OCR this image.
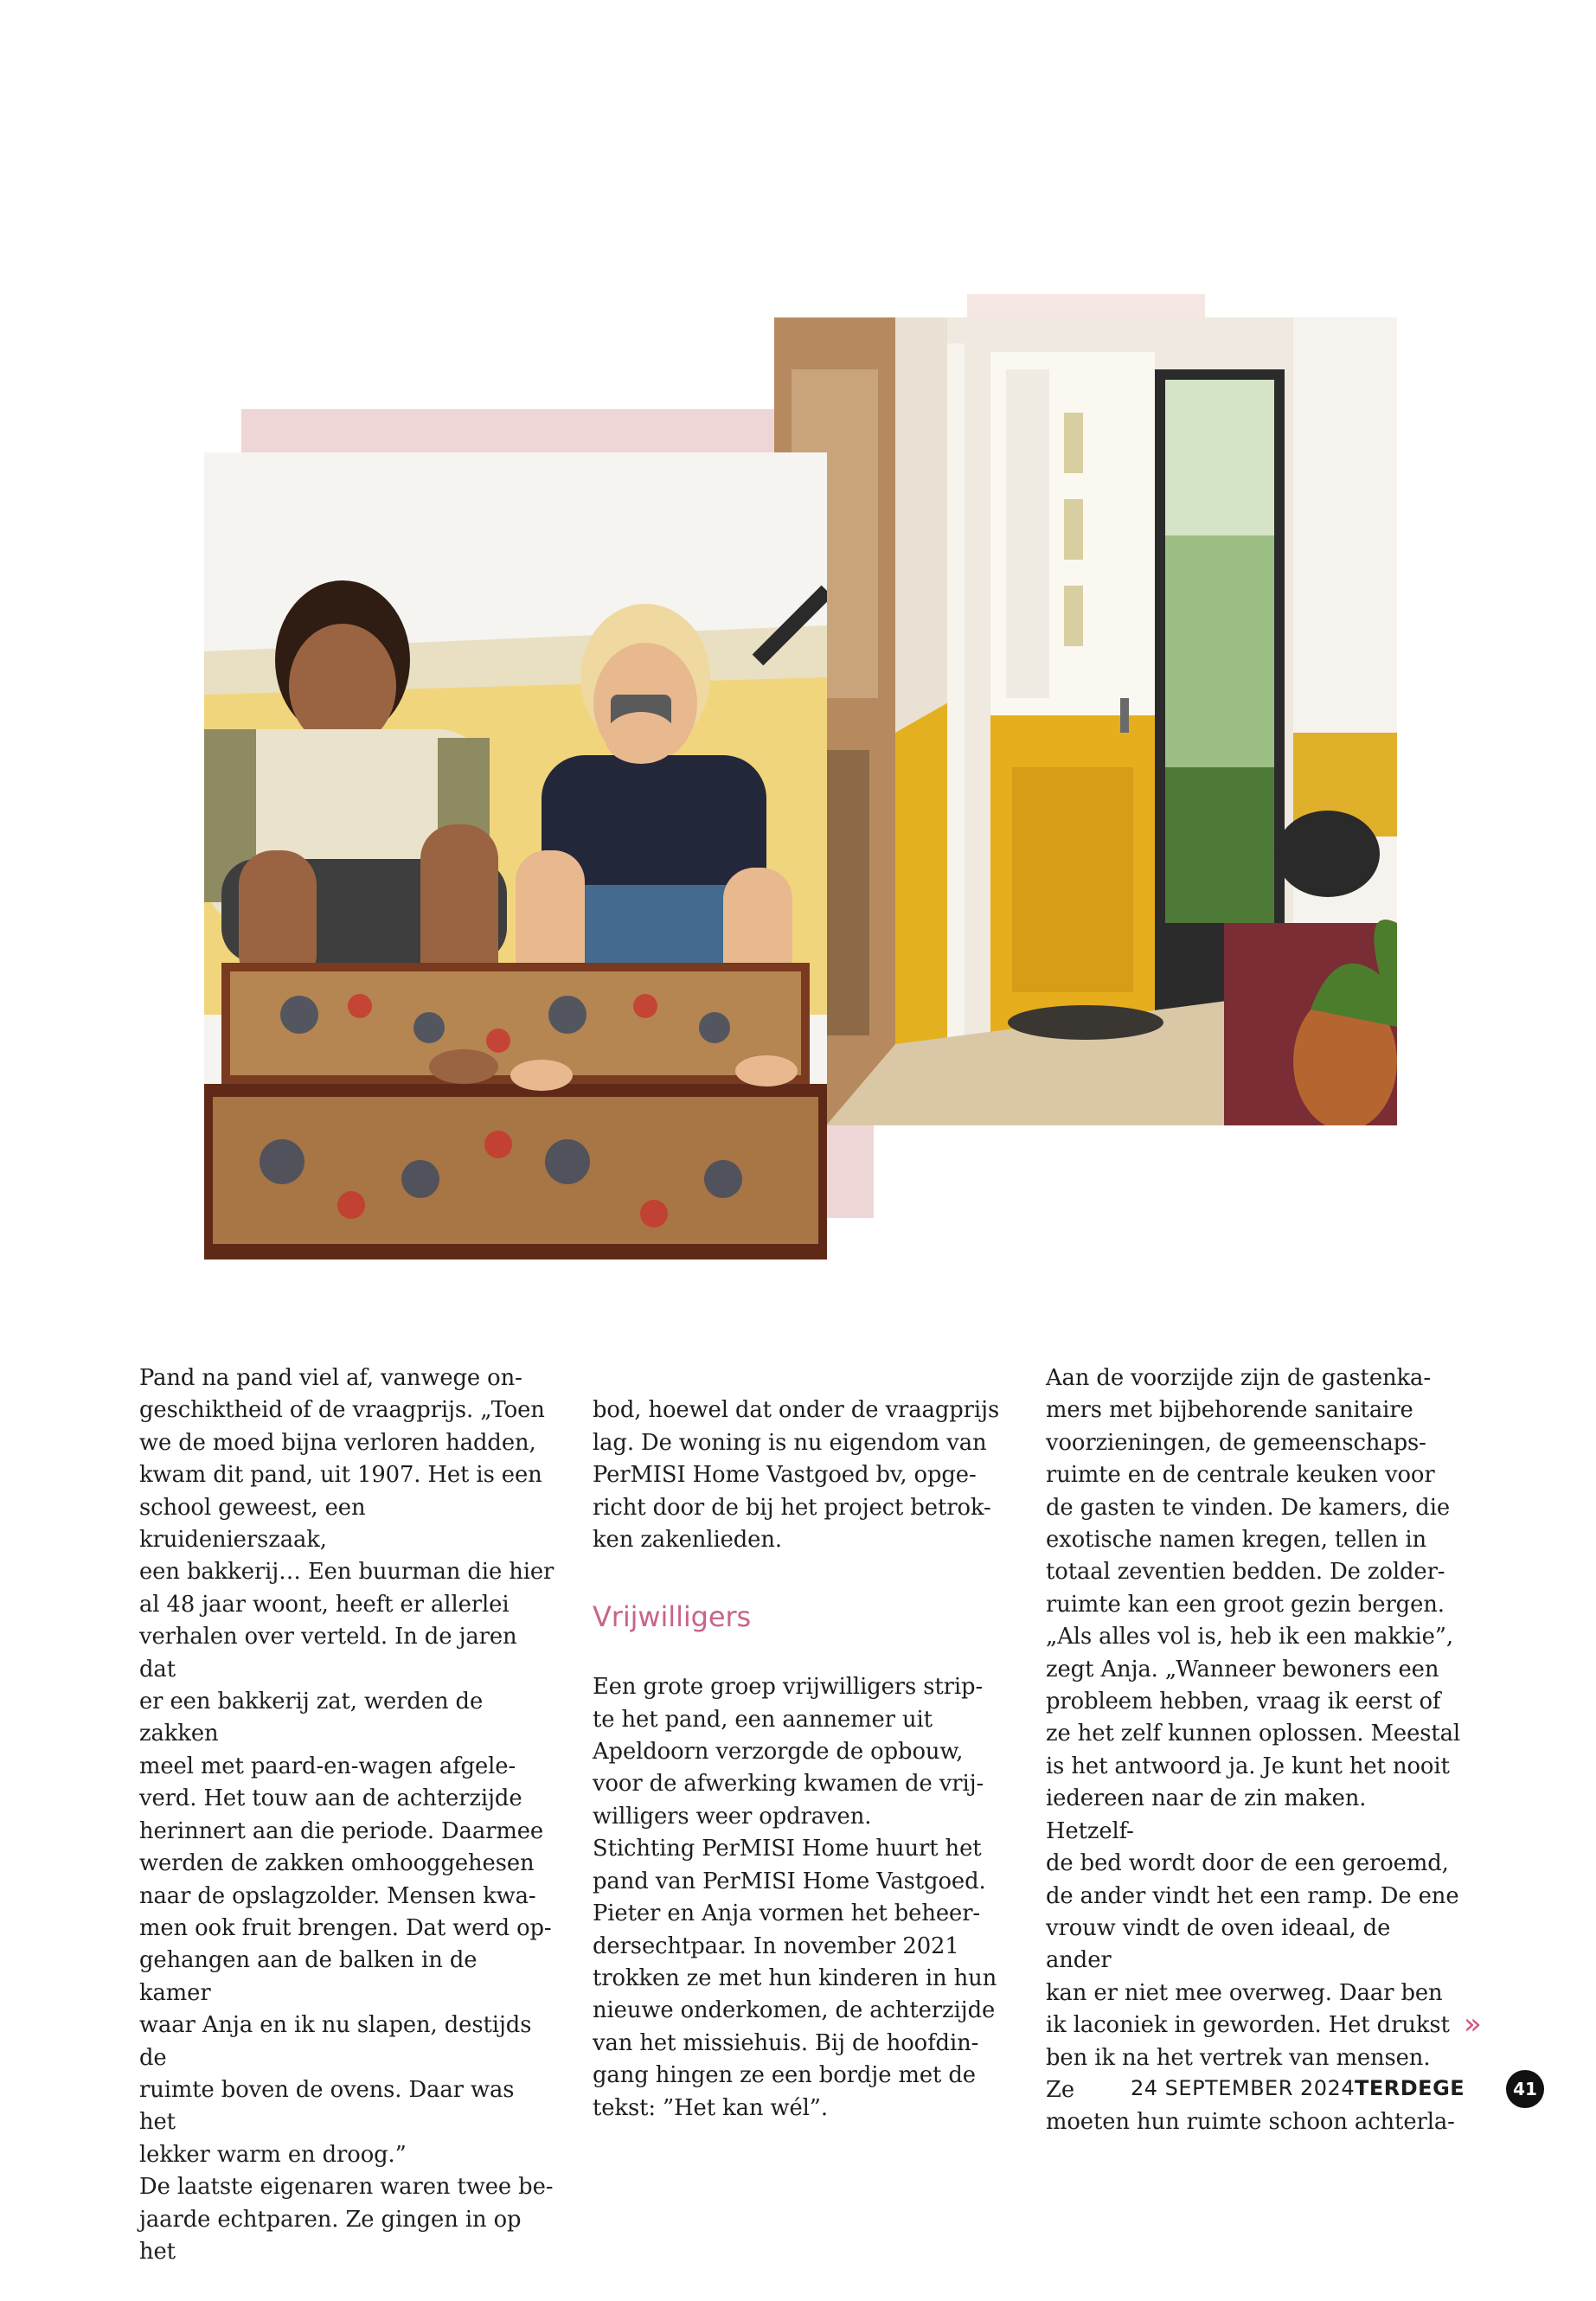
Pand na pand viel af, vanwege on-
geschiktheid of de vraagprijs. „Toen
we de moed bijna verloren hadden,
kwam dit pand, uit 1907. Het is een
school geweest, een kruidenierszaak,
een bakkerij… Een buurman die hier
al 48 jaar woont, heeft er allerlei
verhalen over verteld. In de jaren dat
er een bakkerij zat, werden de zakken
meel met paard-en-wagen afgele-
verd. Het touw aan de achterzijde
herinnert aan die periode. Daarmee
werden de zakken omhooggehesen
naar de opslagzolder. Mensen kwa-
men ook fruit brengen. Dat werd op-
gehangen aan de balken in de kamer
waar Anja en ik nu slapen, destijds de
ruimte boven de ovens. Daar was het
lekker warm en droog.”
De laatste eigenaren waren twee be-
jaarde echtparen. Ze gingen in op het

bod, hoewel dat onder de vraagprijs
lag. De woning is nu eigendom van
PerMISI Home Vastgoed bv, opge-
richt door de bij het project betrok-
ken zakenlieden.

Vrijwilligers

Een grote groep vrijwilligers strip-
te het pand, een aannemer uit
Apeldoorn verzorgde de opbouw,
voor de afwerking kwamen de vrij-
willigers weer opdraven.
Stichting PerMISI Home huurt het
pand van PerMISI Home Vastgoed.
Pieter en Anja vormen het beheer-
dersechtpaar. In november 2021
trokken ze met hun kinderen in hun
nieuwe onderkomen, de achterzijde
van het missiehuis. Bij de hoofdin-
gang hingen ze een bordje met de
tekst: ”Het kan wél”.

Aan de voorzijde zijn de gastenka-
mers met bijbehorende sanitaire
voorzieningen, de gemeenschaps-
ruimte en de centrale keuken voor
de gasten te vinden. De kamers, die
exotische namen kregen, tellen in
totaal zeventien bedden. De zolder-
ruimte kan een groot gezin bergen.
„Als alles vol is, heb ik een makkie”,
zegt Anja. „Wanneer bewoners een
probleem hebben, vraag ik eerst of
ze het zelf kunnen oplossen. Meestal
is het antwoord ja. Je kunt het nooit
iedereen naar de zin maken. Hetzelf-
de bed wordt door de een geroemd,
de ander vindt het een ramp. De ene
vrouw vindt de oven ideaal, de ander
kan er niet mee overweg. Daar ben
ik laconiek in geworden. Het drukst
ben ik na het vertrek van mensen. Ze
moeten hun ruimte schoon achterla-
»
24 SEPTEMBER 2024 TERDEGE	41
